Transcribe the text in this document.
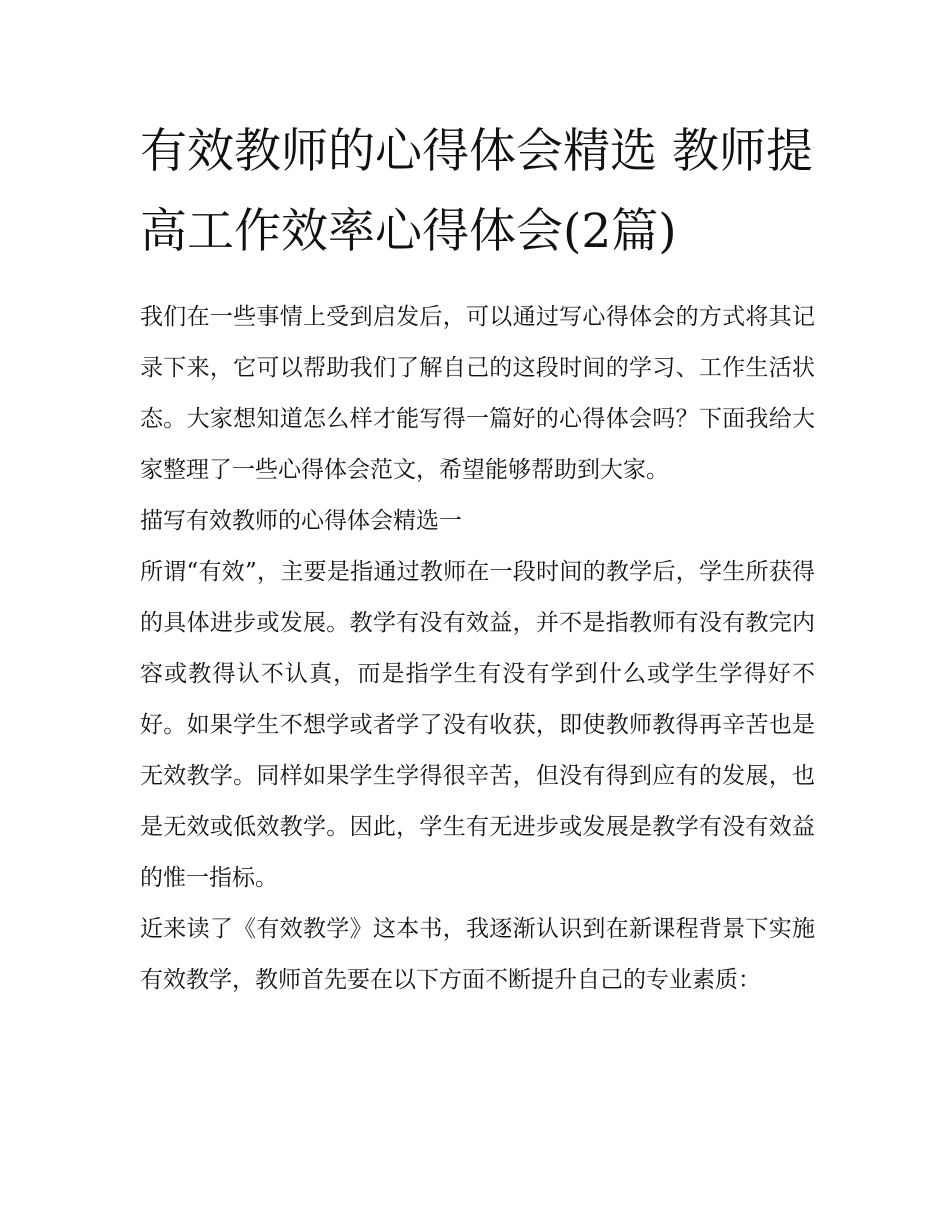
有效教师的心得体会精选 教师提高工作效率心得体会(2篇)

我们在一些事情上受到启发后，可以通过写心得体会的方式将其记录下来，它可以帮助我们了解自己的这段时间的学习、工作生活状态。大家想知道怎么样才能写得一篇好的心得体会吗？下面我给大家整理了一些心得体会范文，希望能够帮助到大家。

描写有效教师的心得体会精选一

所谓“有效”，主要是指通过教师在一段时间的教学后，学生所获得的具体进步或发展。教学有没有效益，并不是指教师有没有教完内容或教得认不认真，而是指学生有没有学到什么或学生学得好不好。如果学生不想学或者学了没有收获，即使教师教得再辛苦也是无效教学。同样如果学生学得很辛苦，但没有得到应有的发展，也是无效或低效教学。因此，学生有无进步或发展是教学有没有效益的惟一指标。

近来读了《有效教学》这本书，我逐渐认识到在新课程背景下实施有效教学，教师首先要在以下方面不断提升自己的专业素质：
